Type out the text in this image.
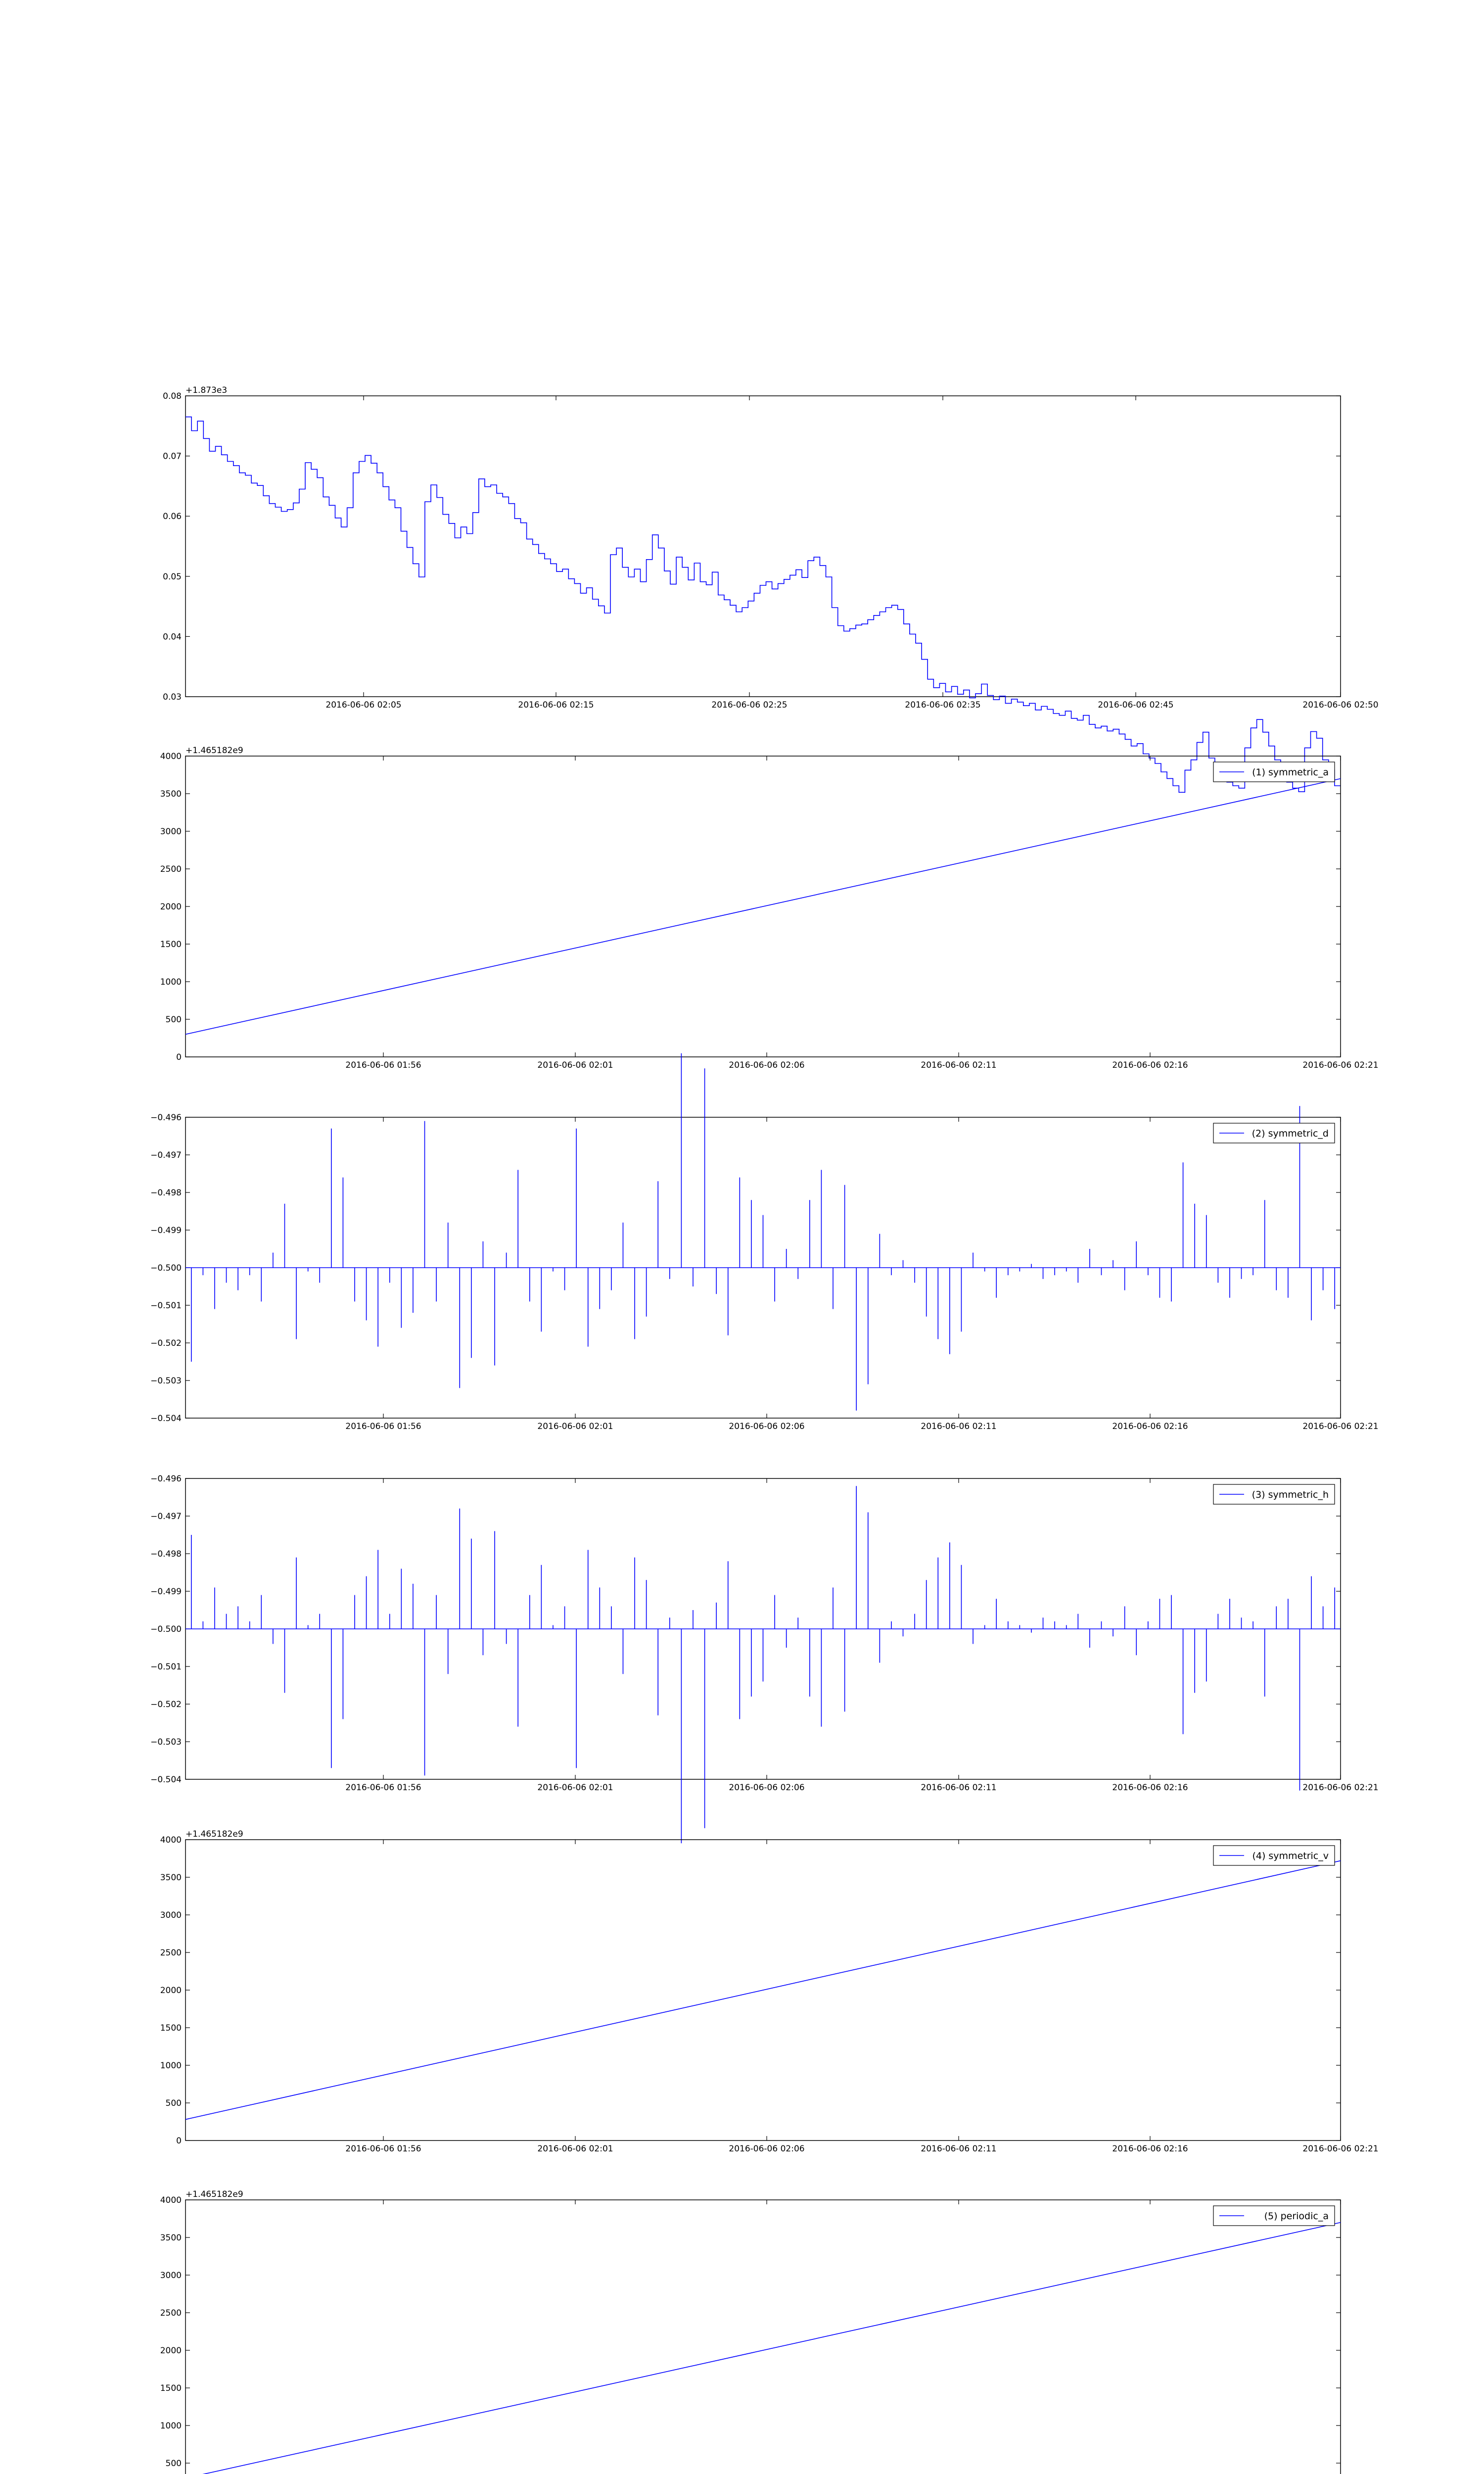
0.03
0.04
0.05
0.06
0.07
0.08
2016-06-06 02:05	2016-06-06 02:15	2016-06-06 02:25	2016-06-06 02:35	2016-06-06 02:45	2016-06-06 02:50
+1.873e3
0
500
1000
1500
2000
2500
3000
3500
4000
2016-06-06 01:56	2016-06-06 02:01	2016-06-06 02:06	2016-06-06 02:11	2016-06-06 02:16	2016-06-06 02:21
+1.465182e9
(1) symmetric_a
−0.504
−0.503
−0.502
−0.501
−0.500
−0.499
−0.498
−0.497
−0.496
2016-06-06 01:56	2016-06-06 02:01	2016-06-06 02:06	2016-06-06 02:11	2016-06-06 02:16	2016-06-06 02:21
(2) symmetric_d
−0.504
−0.503
−0.502
−0.501
−0.500
−0.499
−0.498
−0.497
−0.496
2016-06-06 01:56	2016-06-06 02:01	2016-06-06 02:06	2016-06-06 02:11	2016-06-06 02:16	2016-06-06 02:21
(3) symmetric_h
0
500
1000
1500
2000
2500
3000
3500
4000
2016-06-06 01:56	2016-06-06 02:01	2016-06-06 02:06	2016-06-06 02:11	2016-06-06 02:16	2016-06-06 02:21
+1.465182e9
(4) symmetric_v
500
1000
1500
2000
2500
3000
3500
4000
+1.465182e9
(5) periodic_a
